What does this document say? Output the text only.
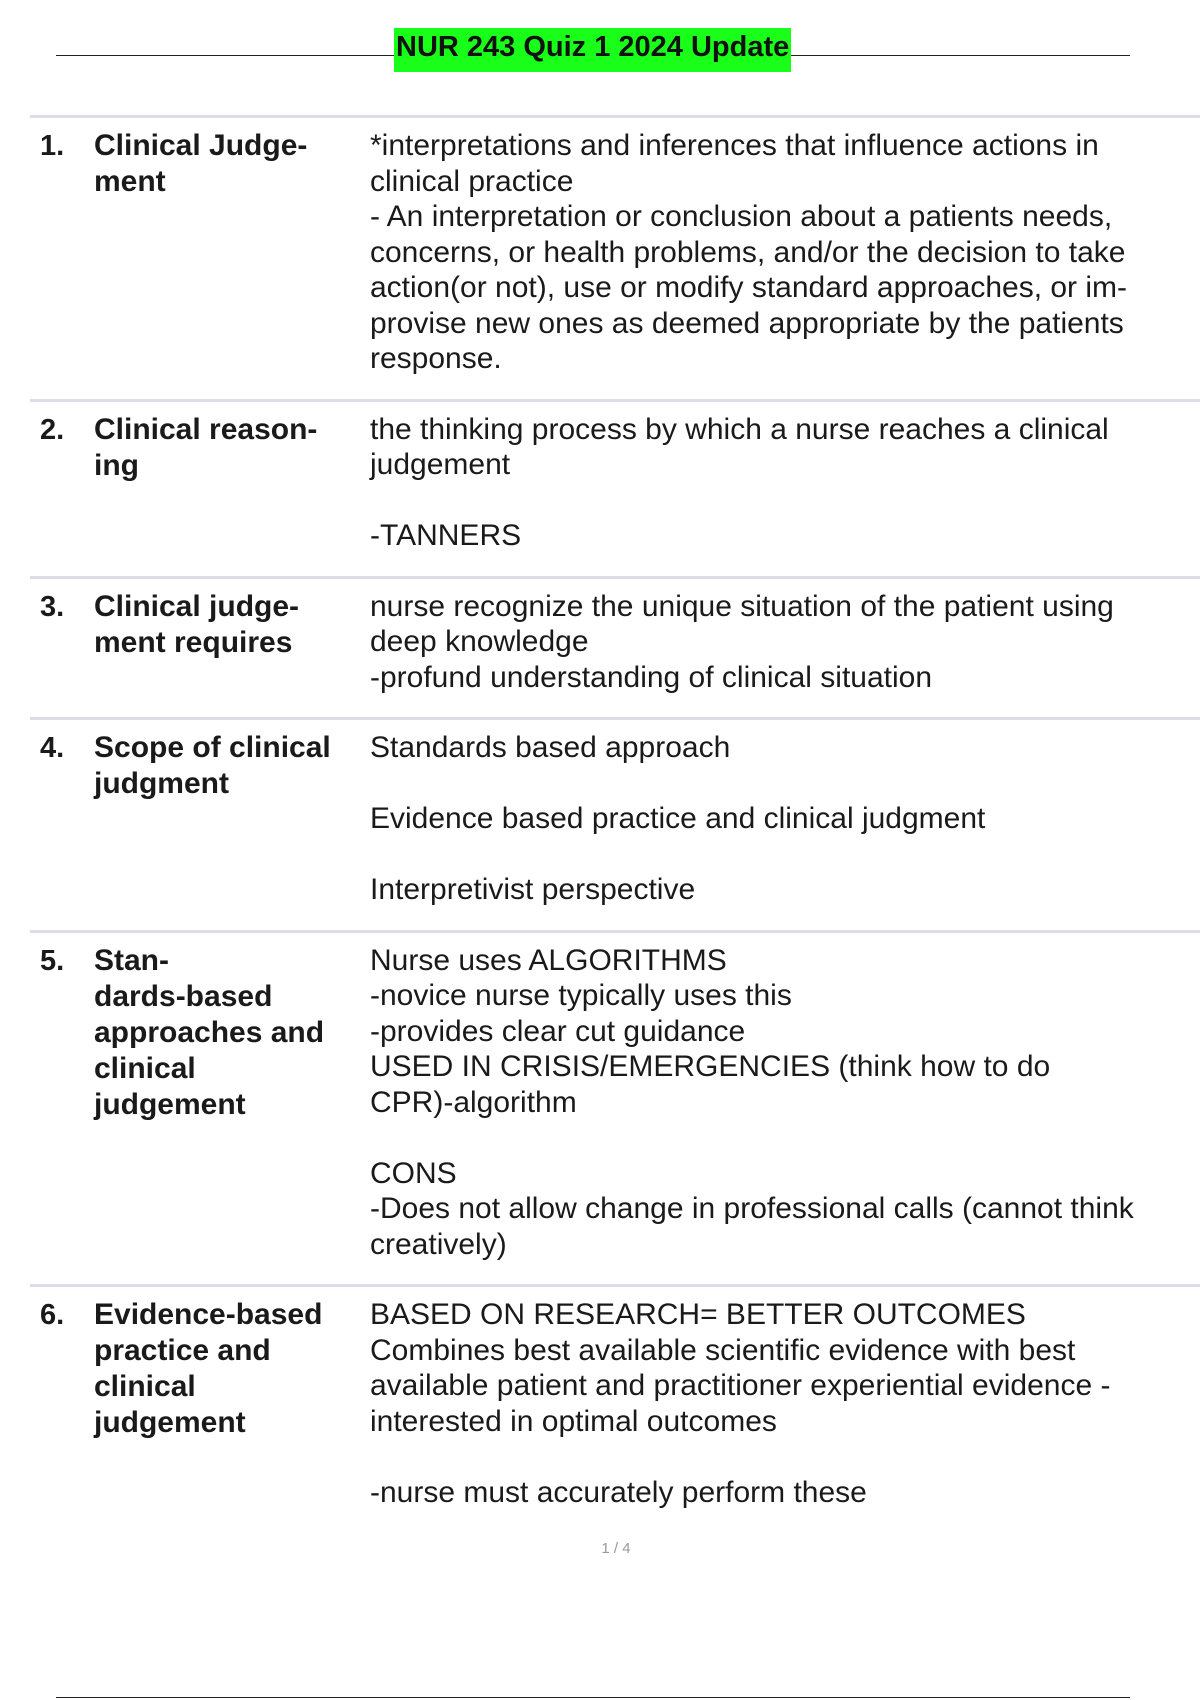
NUR 243 Quiz 1 2024 Update
1. Clinical Judge-
ment
*interpretations and inferences that influence actions in
clinical practice
- An interpretation or conclusion about a patients needs,
concerns, or health problems, and/or the decision to take
action(or not), use or modify standard approaches, or im-
provise new ones as deemed appropriate by the patients
response.
2. Clinical reason-
ing
the thinking process by which a nurse reaches a clinical
judgement

-TANNERS
3. Clinical judge-
ment requires
nurse recognize the unique situation of the patient using
deep knowledge
-profund understanding of clinical situation
4. Scope of clinical
judgment
Standards based approach

Evidence based practice and clinical judgment

Interpretivist perspective
5. Stan-
dards-based
approaches and
clinical
judgement
Nurse uses ALGORITHMS
-novice nurse typically uses this
-provides clear cut guidance
USED IN CRISIS/EMERGENCIES (think how to do
CPR)-algorithm

CONS
-Does not allow change in professional calls (cannot think
creatively)
6. Evidence-based
practice and
clinical
judgement
BASED ON RESEARCH= BETTER OUTCOMES
Combines best available scientific evidence with best
available patient and practitioner experiential evidence -
interested in optimal outcomes

-nurse must accurately perform these
1 / 4
